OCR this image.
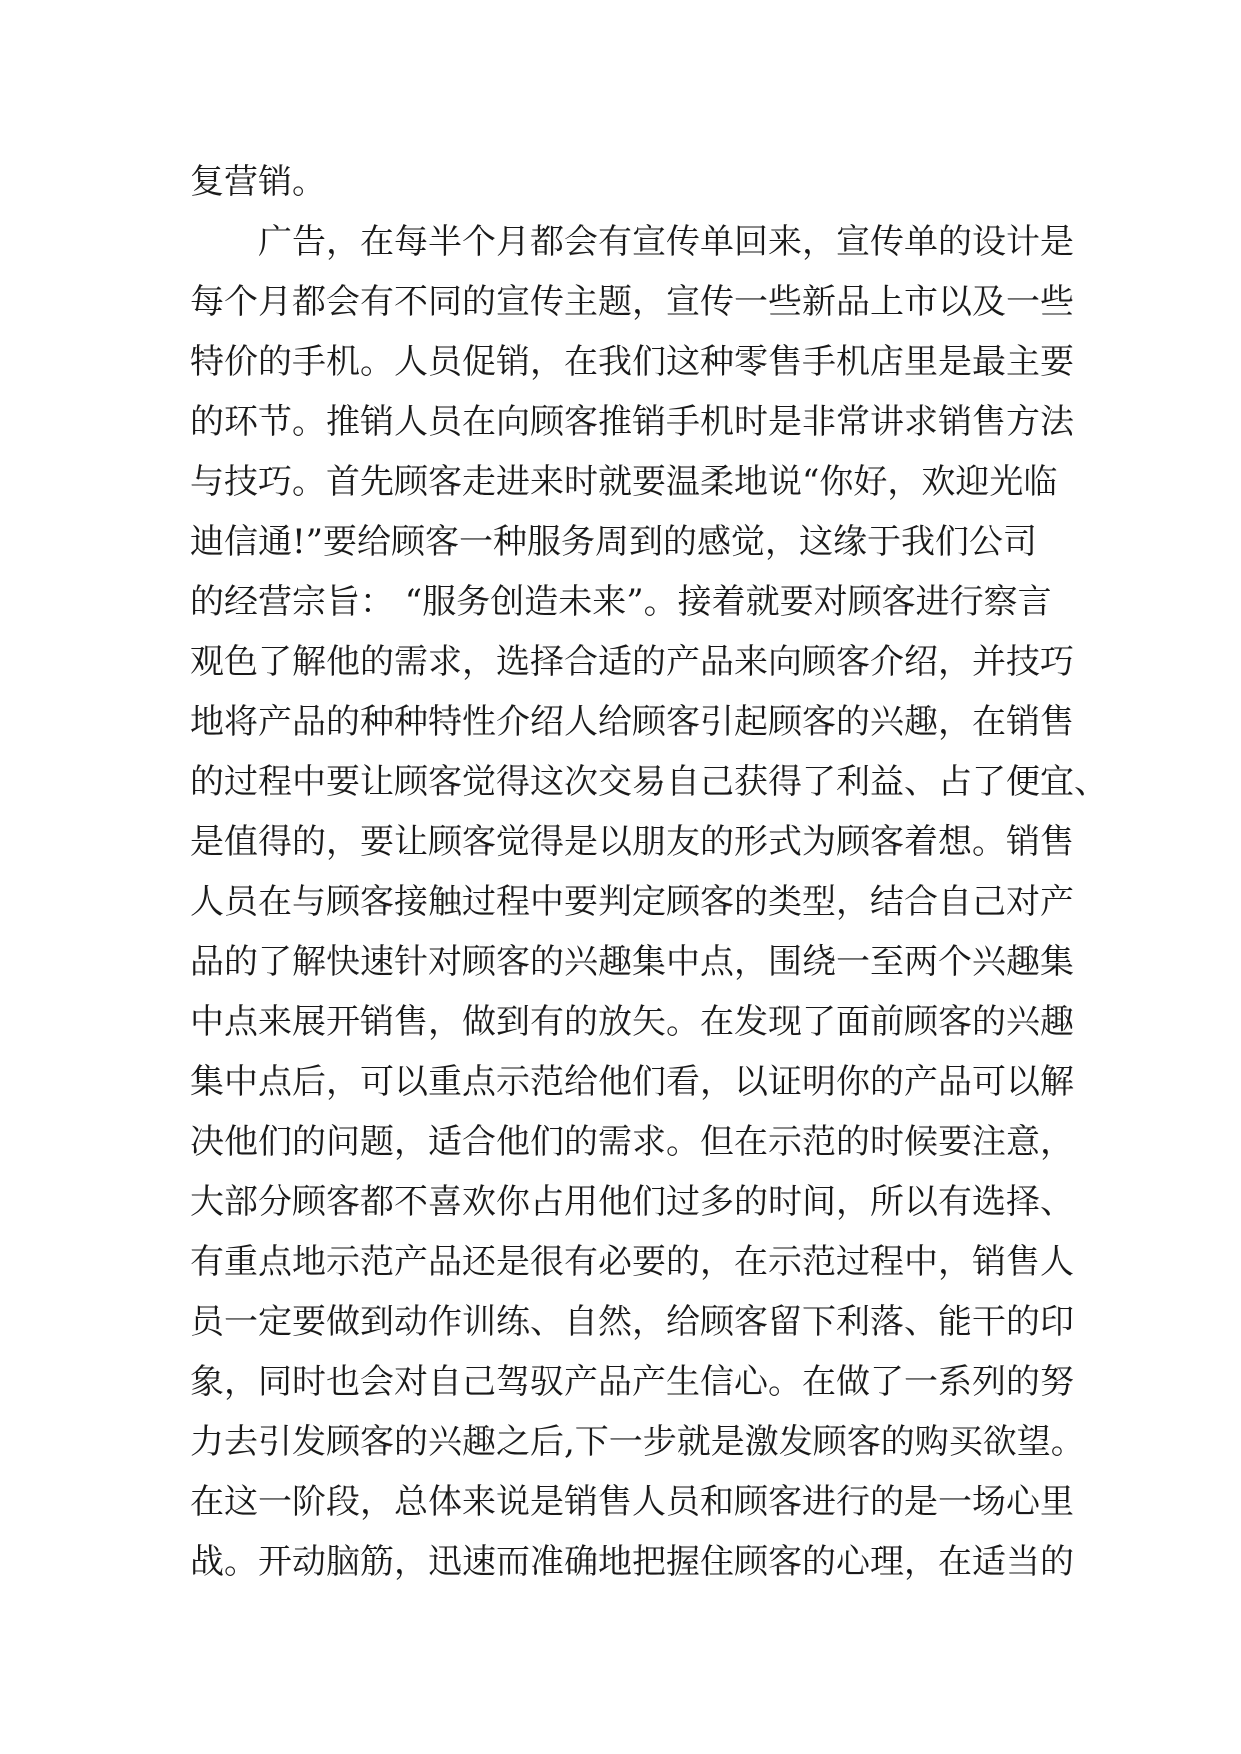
复营销。
广告，在每半个月都会有宣传单回来，宣传单的设计是
每个月都会有不同的宣传主题，宣传一些新品上市以及一些
特价的手机。人员促销，在我们这种零售手机店里是最主要
的环节。推销人员在向顾客推销手机时是非常讲求销售方法
与技巧。首先顾客走进来时就要温柔地说“你好，欢迎光临
迪信通!”要给顾客一种服务周到的感觉，这缘于我们公司
的经营宗旨： “服务创造未来”。接着就要对顾客进行察言
观色了解他的需求，选择合适的产品来向顾客介绍，并技巧
地将产品的种种特性介绍人给顾客引起顾客的兴趣，在销售
的过程中要让顾客觉得这次交易自己获得了利益、占了便宜、
是值得的，要让顾客觉得是以朋友的形式为顾客着想。销售
人员在与顾客接触过程中要判定顾客的类型，结合自己对产
品的了解快速针对顾客的兴趣集中点，围绕一至两个兴趣集
中点来展开销售，做到有的放矢。在发现了面前顾客的兴趣
集中点后，可以重点示范给他们看，以证明你的产品可以解
决他们的问题，适合他们的需求。但在示范的时候要注意，
大部分顾客都不喜欢你占用他们过多的时间，所以有选择、
有重点地示范产品还是很有必要的，在示范过程中，销售人
员一定要做到动作训练、自然，给顾客留下利落、能干的印
象，同时也会对自己驾驭产品产生信心。在做了一系列的努
力去引发顾客的兴趣之后,下一步就是激发顾客的购买欲望。
在这一阶段，总体来说是销售人员和顾客进行的是一场心里
战。开动脑筋，迅速而准确地把握住顾客的心理，在适当的
